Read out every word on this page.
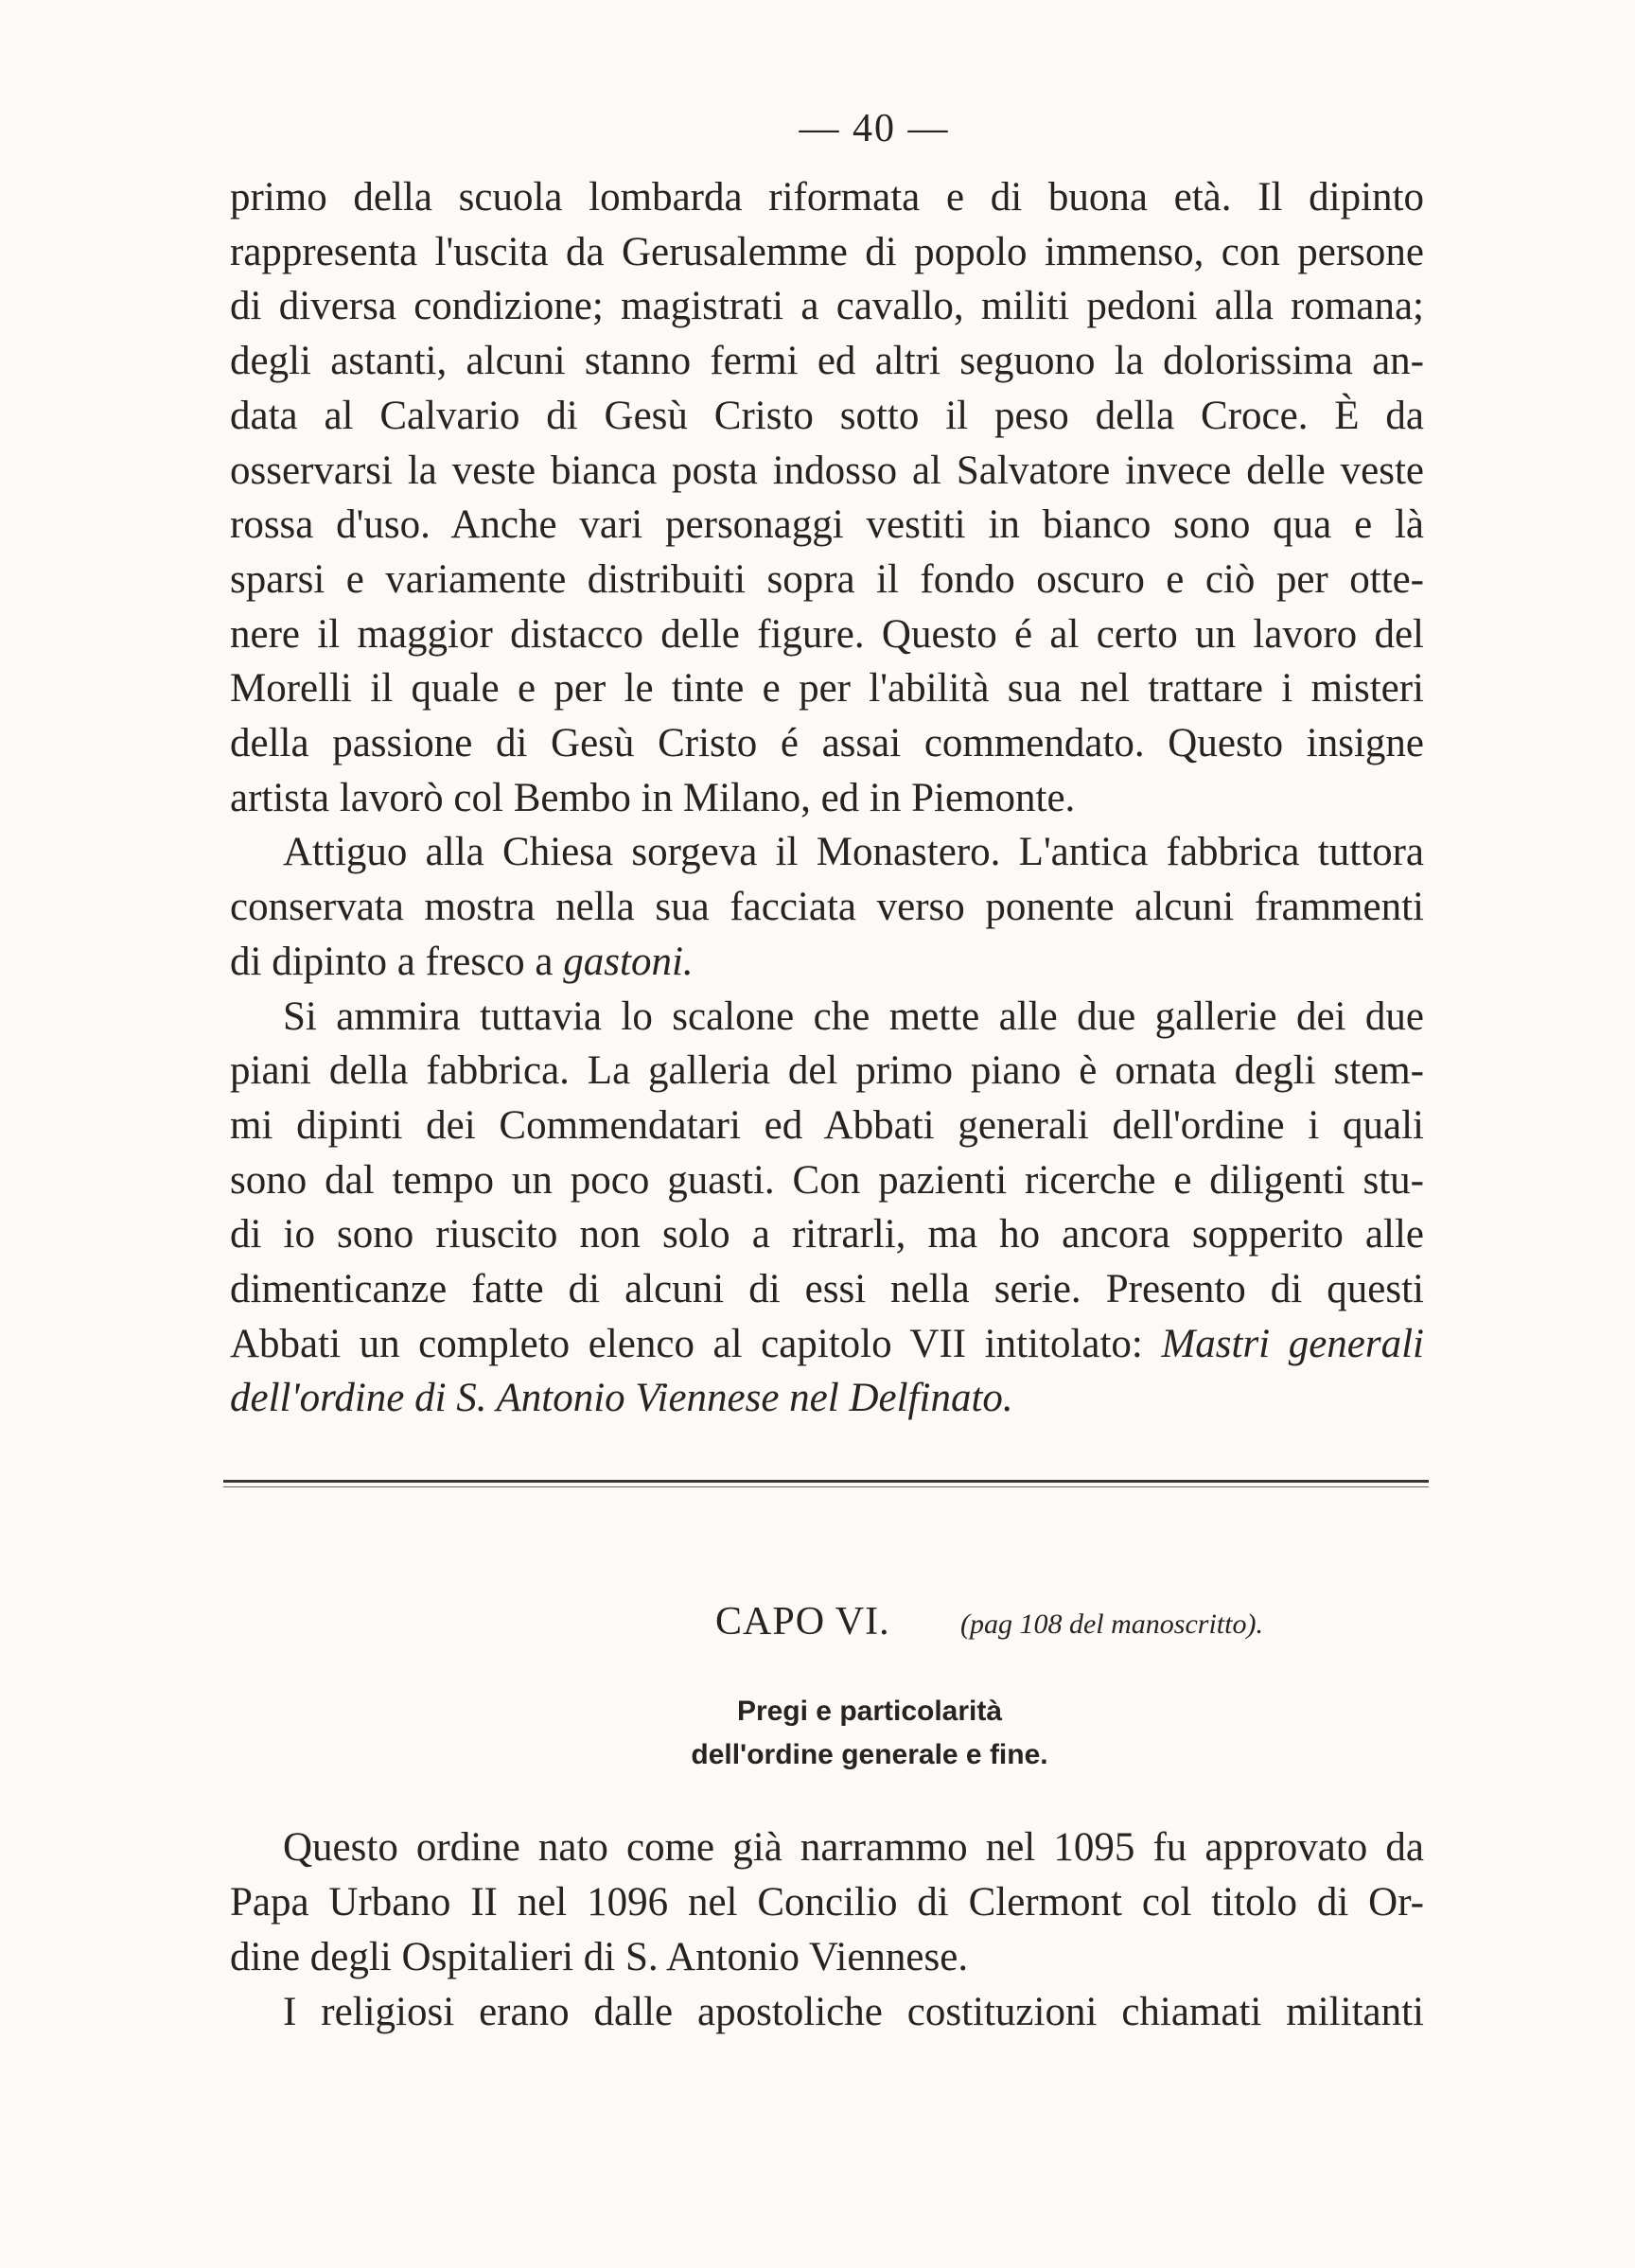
— 40 —
primo della scuola lombarda riformata e di buona età. Il dipinto
rappresenta l'uscita da Gerusalemme di popolo immenso, con persone
di diversa condizione; magistrati a cavallo, militi pedoni alla romana;
degli astanti, alcuni stanno fermi ed altri seguono la dolorissima an-
data al Calvario di Gesù Cristo sotto il peso della Croce. È da
osservarsi la veste bianca posta indosso al Salvatore invece delle veste
rossa d'uso. Anche vari personaggi vestiti in bianco sono qua e là
sparsi e variamente distribuiti sopra il fondo oscuro e ciò per otte-
nere il maggior distacco delle figure. Questo é al certo un lavoro del
Morelli il quale e per le tinte e per l'abilità sua nel trattare i misteri
della passione di Gesù Cristo é assai commendato. Questo insigne
artista lavorò col Bembo in Milano, ed in Piemonte.
Attiguo alla Chiesa sorgeva il Monastero. L'antica fabbrica tuttora
conservata mostra nella sua facciata verso ponente alcuni frammenti
di dipinto a fresco a gastoni.
Si ammira tuttavia lo scalone che mette alle due gallerie dei due
piani della fabbrica. La galleria del primo piano è ornata degli stem-
mi dipinti dei Commendatari ed Abbati generali dell'ordine i quali
sono dal tempo un poco guasti. Con pazienti ricerche e diligenti stu-
di io sono riuscito non solo a ritrarli, ma ho ancora sopperito alle
dimenticanze fatte di alcuni di essi nella serie. Presento di questi
Abbati un completo elenco al capitolo VII intitolato: Mastri generali
dell'ordine di S. Antonio Viennese nel Delfinato.
CAPO VI. (pag 108 del manoscritto).
Pregi e particolarità
dell'ordine generale e fine.
Questo ordine nato come già narrammo nel 1095 fu approvato da
Papa Urbano II nel 1096 nel Concilio di Clermont col titolo di Or-
dine degli Ospitalieri di S. Antonio Viennese.
I religiosi erano dalle apostoliche costituzioni chiamati militanti
